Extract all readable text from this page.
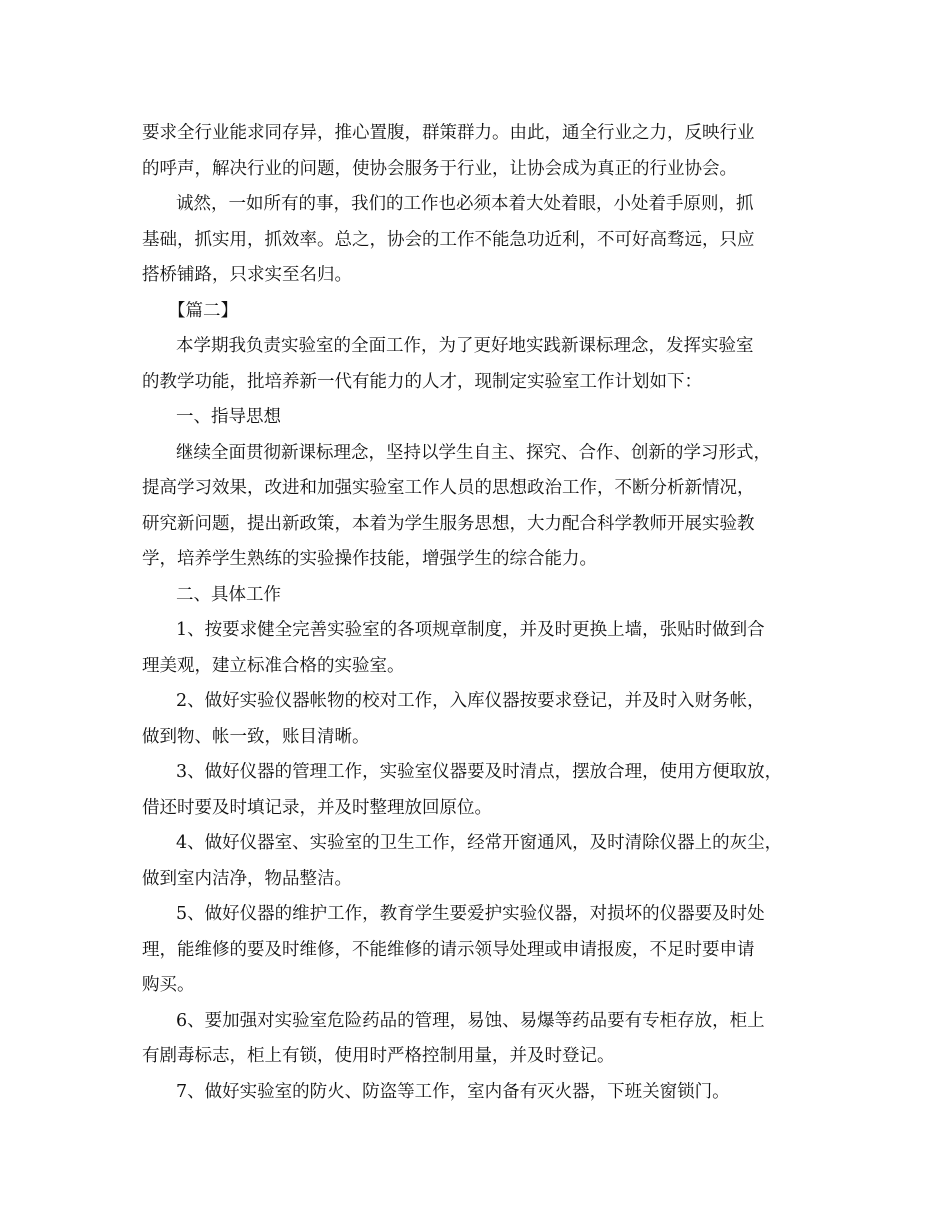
要求全行业能求同存异，推心置腹，群策群力。由此，通全行业之力，反映行业
的呼声，解决行业的问题，使协会服务于行业，让协会成为真正的行业协会。
诚然，一如所有的事，我们的工作也必须本着大处着眼，小处着手原则，抓
基础，抓实用，抓效率。总之，协会的工作不能急功近利，不可好高骛远，只应
搭桥铺路，只求实至名归。
【篇二】
本学期我负责实验室的全面工作，为了更好地实践新课标理念，发挥实验室
的教学功能，批培养新一代有能力的人才，现制定实验室工作计划如下：
一、指导思想
继续全面贯彻新课标理念，坚持以学生自主、探究、合作、创新的学习形式，
提高学习效果，改进和加强实验室工作人员的思想政治工作，不断分析新情况，
研究新问题，提出新政策，本着为学生服务思想，大力配合科学教师开展实验教
学，培养学生熟练的实验操作技能，增强学生的综合能力。
二、具体工作
1、按要求健全完善实验室的各项规章制度，并及时更换上墙，张贴时做到合
理美观，建立标准合格的实验室。
2、做好实验仪器帐物的校对工作，入库仪器按要求登记，并及时入财务帐，
做到物、帐一致，账目清晰。
3、做好仪器的管理工作，实验室仪器要及时清点，摆放合理，使用方便取放，
借还时要及时填记录，并及时整理放回原位。
4、做好仪器室、实验室的卫生工作，经常开窗通风，及时清除仪器上的灰尘，
做到室内洁净，物品整洁。
5、做好仪器的维护工作，教育学生要爱护实验仪器，对损坏的仪器要及时处
理，能维修的要及时维修，不能维修的请示领导处理或申请报废，不足时要申请
购买。
6、要加强对实验室危险药品的管理，易蚀、易爆等药品要有专柜存放，柜上
有剧毒标志，柜上有锁，使用时严格控制用量，并及时登记。
7、做好实验室的防火、防盗等工作，室内备有灭火器，下班关窗锁门。
